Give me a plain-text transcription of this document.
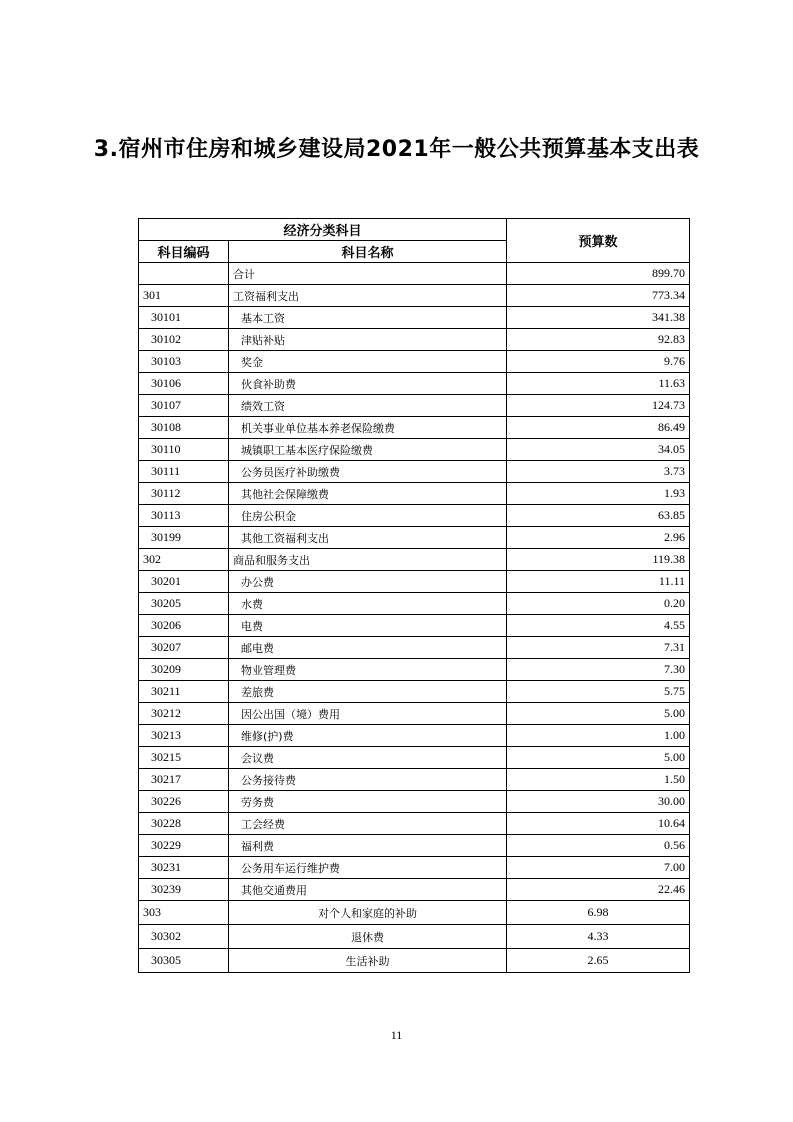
3.宿州市住房和城乡建设局2021年一般公共预算基本支出表
经济分类科目		预算数
科目编码	科目名称	
	合计	899.70
301	工资福利支出	773.34
30101	基本工资	341.38
30102	津贴补贴	92.83
30103	奖金	9.76
30106	伙食补助费	11.63
30107	绩效工资	124.73
30108	机关事业单位基本养老保险缴费	86.49
30110	城镇职工基本医疗保险缴费	34.05
30111	公务员医疗补助缴费	3.73
30112	其他社会保障缴费	1.93
30113	住房公积金	63.85
30199	其他工资福利支出	2.96
302	商品和服务支出	119.38
30201	办公费	11.11
30205	水费	0.20
30206	电费	4.55
30207	邮电费	7.31
30209	物业管理费	7.30
30211	差旅费	5.75
30212	因公出国（境）费用	5.00
30213	维修(护)费	1.00
30215	会议费	5.00
30217	公务接待费	1.50
30226	劳务费	30.00
30228	工会经费	10.64
30229	福利费	0.56
30231	公务用车运行维护费	7.00
30239	其他交通费用	22.46
303	对个人和家庭的补助	6.98
30302	退休费	4.33
30305	生活补助	2.65
11
